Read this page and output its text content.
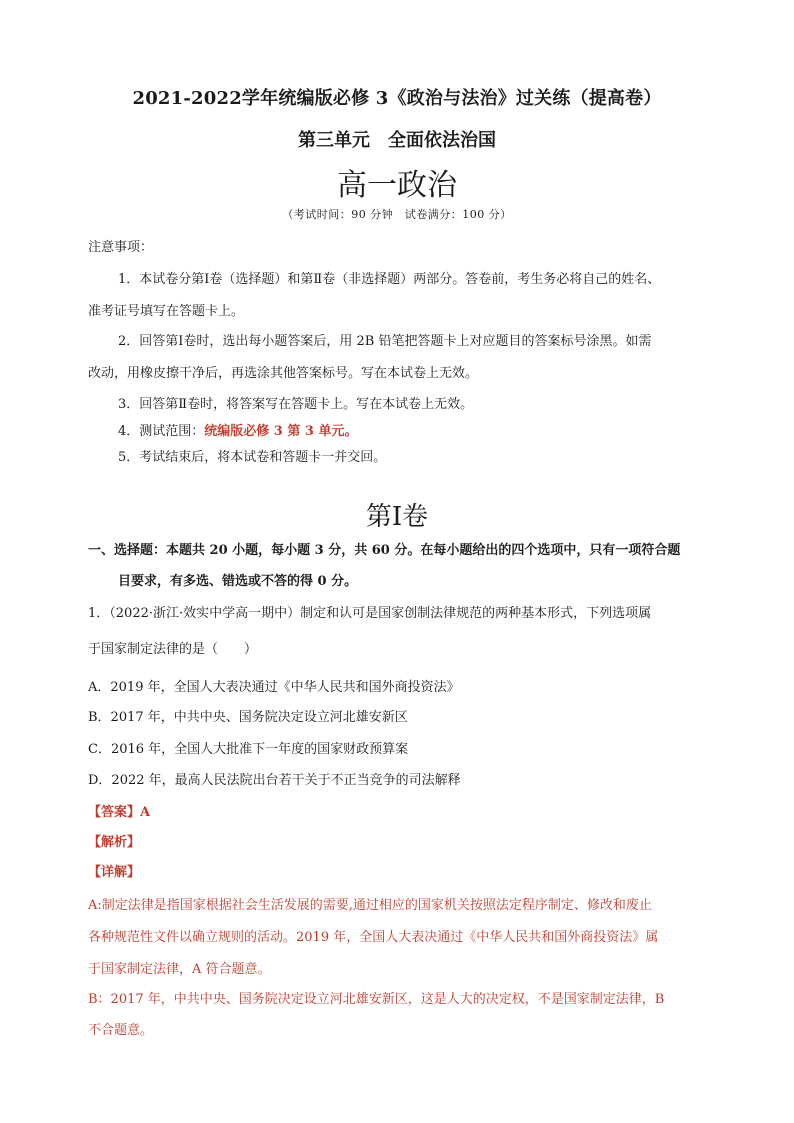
2021-2022学年统编版必修 3《政治与法治》过关练（提高卷）
第三单元　全面依法治国
高一政治
（考试时间：90 分钟　试卷满分：100 分）
注意事项：
1．本试卷分第Ⅰ卷（选择题）和第Ⅱ卷（非选择题）两部分。答卷前，考生务必将自己的姓名、
准考证号填写在答题卡上。
2．回答第Ⅰ卷时，选出每小题答案后，用 2B 铅笔把答题卡上对应题目的答案标号涂黑。如需
改动，用橡皮擦干净后，再选涂其他答案标号。写在本试卷上无效。
3．回答第Ⅱ卷时，将答案写在答题卡上。写在本试卷上无效。
4．测试范围：统编版必修 3 第 3 单元。
5．考试结束后，将本试卷和答题卡一并交回。
第Ⅰ卷
一、选择题：本题共 20 小题，每小题 3 分，共 60 分。在每小题给出的四个选项中，只有一项符合题
目要求，有多选、错选或不答的得 0 分。
1．（2022·浙江·效实中学高一期中）制定和认可是国家创制法律规范的两种基本形式，下列选项属
于国家制定法律的是（　　）
A．2019 年，全国人大表决通过《中华人民共和国外商投资法》
B．2017 年，中共中央、国务院决定设立河北雄安新区
C．2016 年，全国人大批准下一年度的国家财政预算案
D．2022 年，最高人民法院出台若干关于不正当竞争的司法解释
【答案】A
【解析】
【详解】
A:制定法律是指国家根据社会生活发展的需要,通过相应的国家机关按照法定程序制定、修改和废止
各种规范性文件以确立规则的活动。2019 年，全国人大表决通过《中华人民共和国外商投资法》属
于国家制定法律，A 符合题意。
B：2017 年，中共中央、国务院决定设立河北雄安新区，这是人大的决定权，不是国家制定法律，B
不合题意。
